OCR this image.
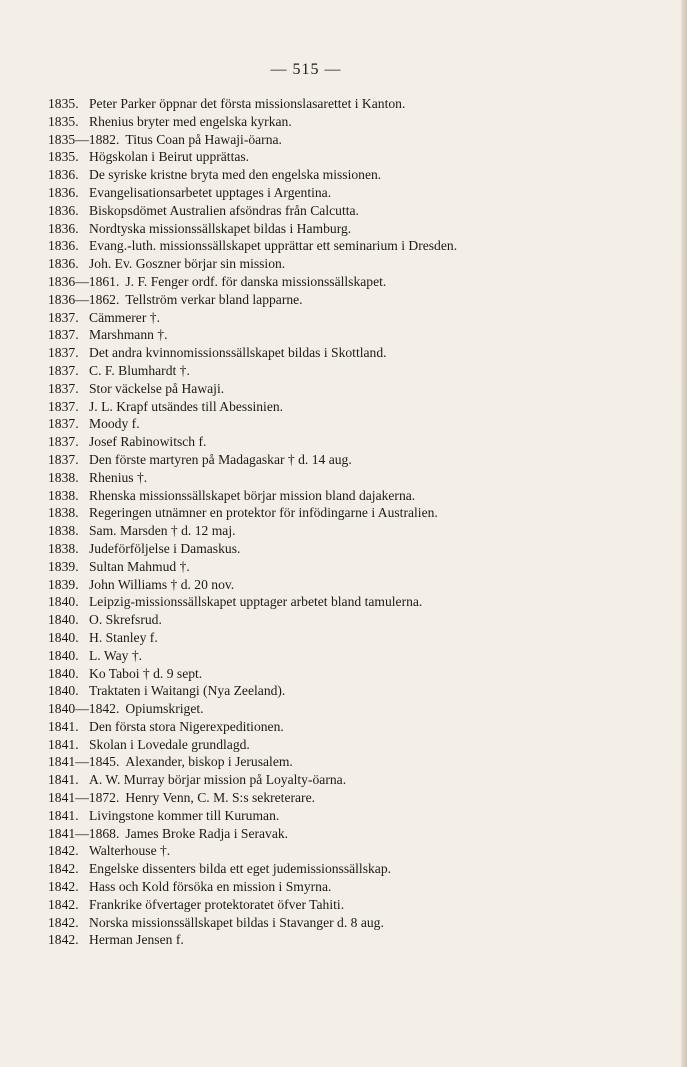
— 515 —
1835. Peter Parker öppnar det första missionslasarettet i Kanton.
1835. Rhenius bryter med engelska kyrkan.
1835—1882. Titus Coan på Hawaji-öarna.
1835. Högskolan i Beirut upprättas.
1836. De syriske kristne bryta med den engelska missionen.
1836. Evangelisationsarbetet upptages i Argentina.
1836. Biskopsdömet Australien afsöndras från Calcutta.
1836. Nordtyska missionssällskapet bildas i Hamburg.
1836. Evang.-luth. missionssällskapet upprättar ett seminarium i Dresden.
1836. Joh. Ev. Goszner börjar sin mission.
1836—1861. J. F. Fenger ordf. för danska missionssällskapet.
1836—1862. Tellström verkar bland lapparne.
1837. Cämmerer †.
1837. Marshmann †.
1837. Det andra kvinnomissionssällskapet bildas i Skottland.
1837. C. F. Blumhardt †.
1837. Stor väckelse på Hawaji.
1837. J. L. Krapf utsändes till Abessinien.
1837. Moody f.
1837. Josef Rabinowitsch f.
1837. Den förste martyren på Madagaskar † d. 14 aug.
1838. Rhenius †.
1838. Rhenska missionssällskapet börjar mission bland dajakerna.
1838. Regeringen utnämner en protektor för infödingarne i Australien.
1838. Sam. Marsden † d. 12 maj.
1838. Judeförföljelse i Damaskus.
1839. Sultan Mahmud †.
1839. John Williams † d. 20 nov.
1840. Leipzig-missionssällskapet upptager arbetet bland tamulerna.
1840. O. Skrefsrud.
1840. H. Stanley f.
1840. L. Way †.
1840. Ko Taboi † d. 9 sept.
1840. Traktaten i Waitangi (Nya Zeeland).
1840—1842. Opiumskriget.
1841. Den första stora Nigerexpeditionen.
1841. Skolan i Lovedale grundlagd.
1841—1845. Alexander, biskop i Jerusalem.
1841. A. W. Murray börjar mission på Loyalty-öarna.
1841—1872. Henry Venn, C. M. S:s sekreterare.
1841. Livingstone kommer till Kuruman.
1841—1868. James Broke Radja i Seravak.
1842. Walterhouse †.
1842. Engelske dissenters bilda ett eget judemissionssällskap.
1842. Hass och Kold försöka en mission i Smyrna.
1842. Frankrike öfvertager protektoratet öfver Tahiti.
1842. Norska missionssällskapet bildas i Stavanger d. 8 aug.
1842. Herman Jensen f.
